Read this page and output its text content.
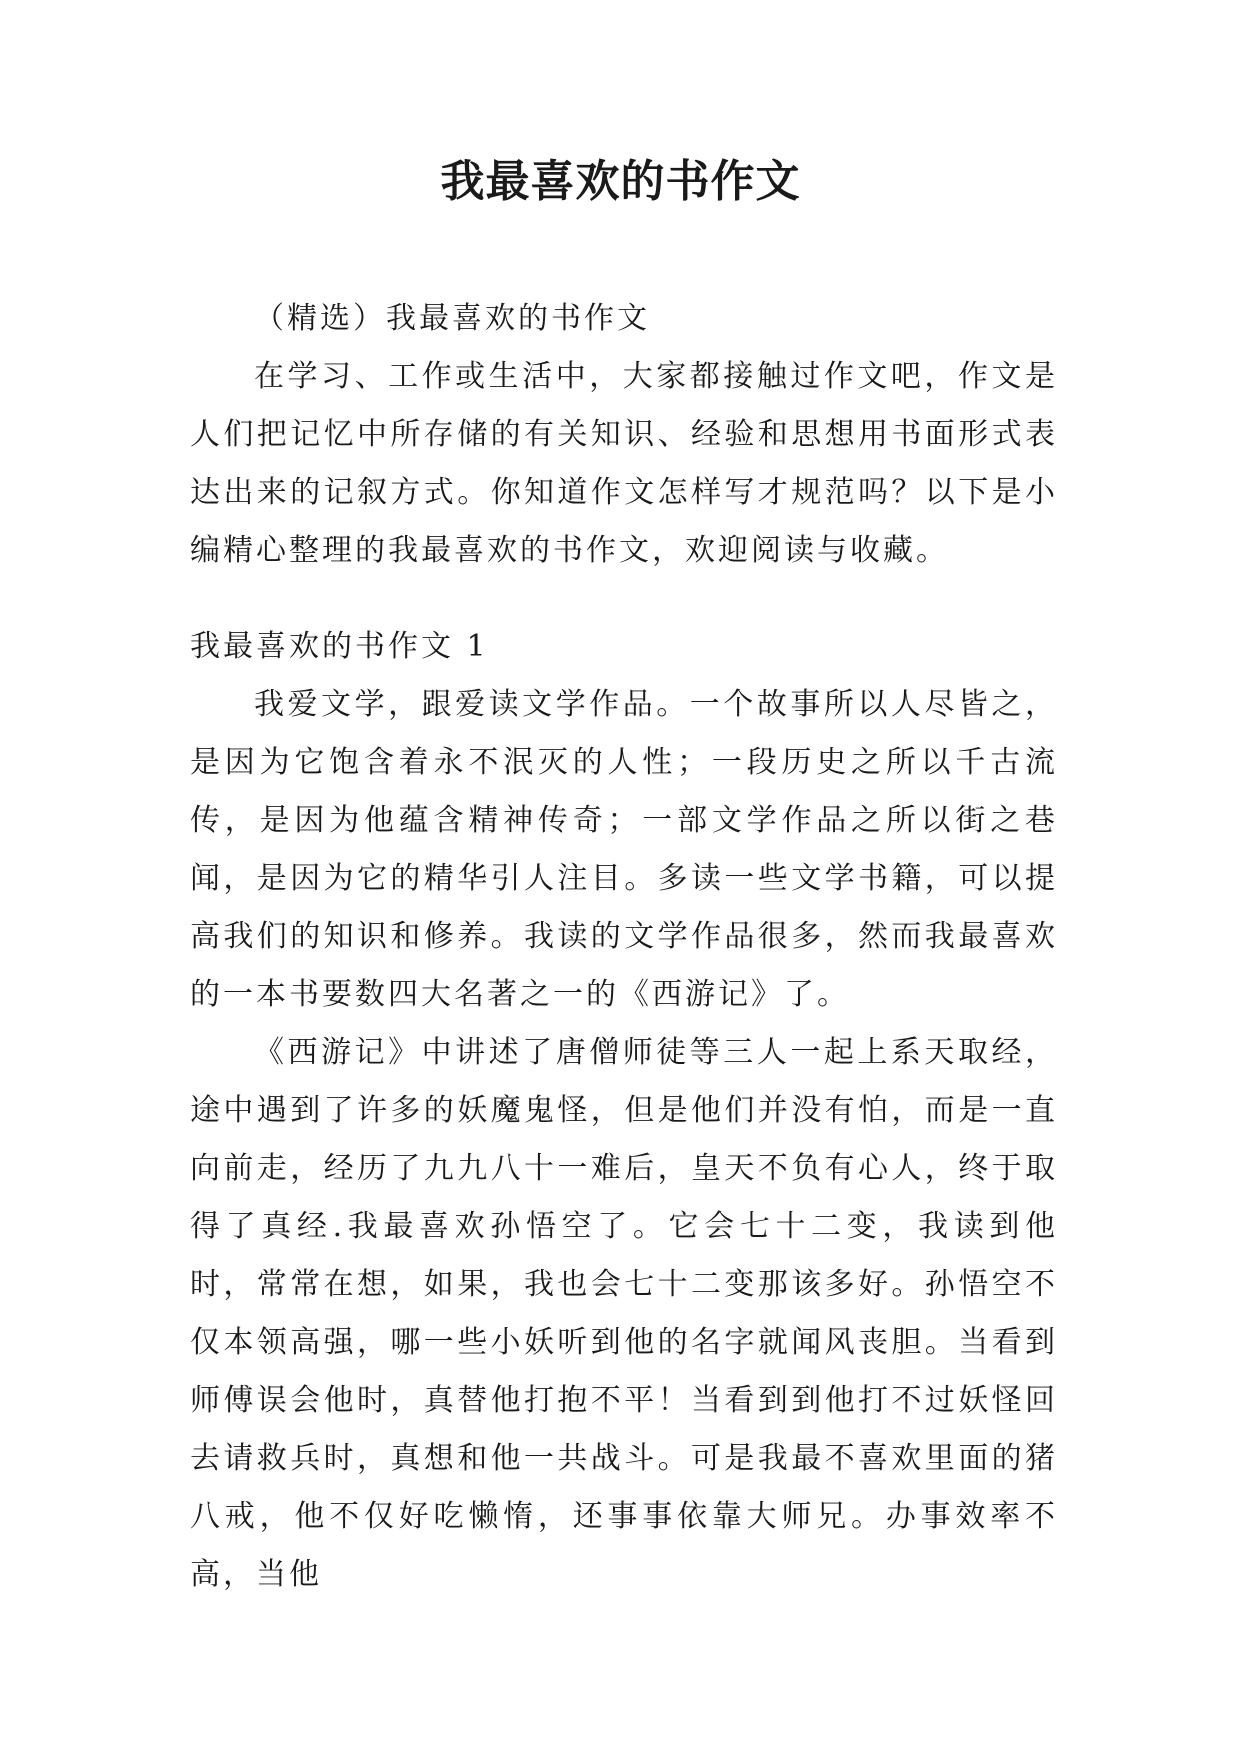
我最喜欢的书作文

（精选）我最喜欢的书作文

在学习、工作或生活中，大家都接触过作文吧，作文是人们把记忆中所存储的有关知识、经验和思想用书面形式表达出来的记叙方式。你知道作文怎样写才规范吗？以下是小编精心整理的我最喜欢的书作文，欢迎阅读与收藏。

我最喜欢的书作文 1

我爱文学，跟爱读文学作品。一个故事所以人尽皆之，是因为它饱含着永不泯灭的人性；一段历史之所以千古流传，是因为他蕴含精神传奇；一部文学作品之所以街之巷闻，是因为它的精华引人注目。多读一些文学书籍，可以提高我们的知识和修养。我读的文学作品很多，然而我最喜欢的一本书要数四大名著之一的《西游记》了。

《西游记》中讲述了唐僧师徒等三人一起上系天取经，途中遇到了许多的妖魔鬼怪，但是他们并没有怕，而是一直向前走，经历了九九八十一难后，皇天不负有心人，终于取得了真经.我最喜欢孙悟空了。它会七十二变，我读到他时，常常在想，如果，我也会七十二变那该多好。孙悟空不仅本领高强，哪一些小妖听到他的名字就闻风丧胆。当看到师傅误会他时，真替他打抱不平！当看到到他打不过妖怪回去请救兵时，真想和他一共战斗。可是我最不喜欢里面的猪八戒，他不仅好吃懒惰，还事事依靠大师兄。办事效率不高，当他
